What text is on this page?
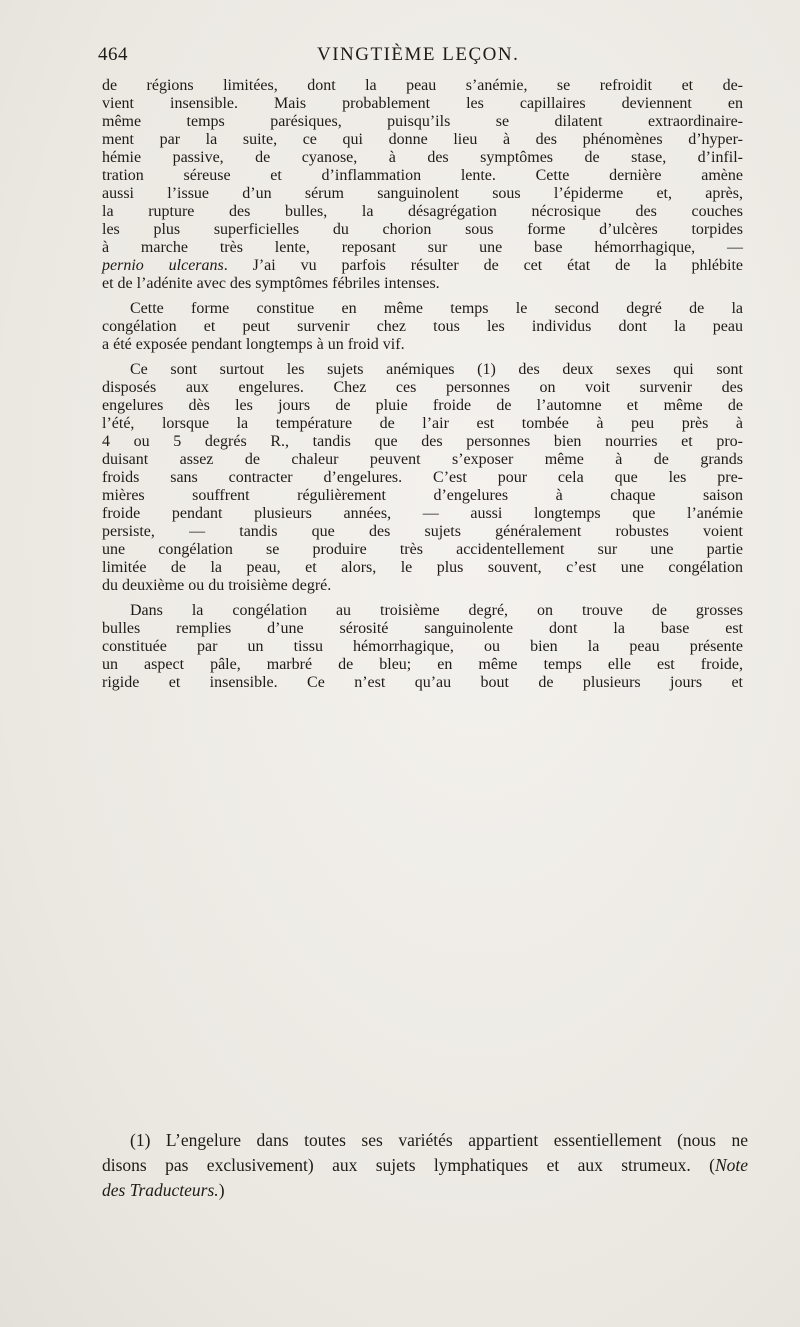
464	VINGTIÈME LEÇON.
de régions limitées, dont la peau s’anémie, se refroidit et de-
vient insensible. Mais probablement les capillaires deviennent en
même temps parésiques, puisqu’ils se dilatent extraordinaire-
ment par la suite, ce qui donne lieu à des phénomènes d’hyper-
hémie passive, de cyanose, à des symptômes de stase, d’infil-
tration séreuse et d’inflammation lente. Cette dernière amène
aussi l’issue d’un sérum sanguinolent sous l’épiderme et, après,
la rupture des bulles, la désagrégation nécrosique des couches
les plus superficielles du chorion sous forme d’ulcères torpides
à marche très lente, reposant sur une base hémorrhagique, —
pernio ulcerans. J’ai vu parfois résulter de cet état de la phlébite
et de l’adénite avec des symptômes fébriles intenses.
Cette forme constitue en même temps le second degré de la
congélation et peut survenir chez tous les individus dont la peau
a été exposée pendant longtemps à un froid vif.
Ce sont surtout les sujets anémiques (1) des deux sexes qui sont
disposés aux engelures. Chez ces personnes on voit survenir des
engelures dès les jours de pluie froide de l’automne et même de
l’été, lorsque la température de l’air est tombée à peu près à
4 ou 5 degrés R., tandis que des personnes bien nourries et pro-
duisant assez de chaleur peuvent s’exposer même à de grands
froids sans contracter d’engelures. C’est pour cela que les pre-
mières souffrent régulièrement d’engelures à chaque saison
froide pendant plusieurs années, — aussi longtemps que l’anémie
persiste, — tandis que des sujets généralement robustes voient
une congélation se produire très accidentellement sur une partie
limitée de la peau, et alors, le plus souvent, c’est une congélation
du deuxième ou du troisième degré.
Dans la congélation au troisième degré, on trouve de grosses
bulles remplies d’une sérosité sanguinolente dont la base est
constituée par un tissu hémorrhagique, ou bien la peau présente
un aspect pâle, marbré de bleu; en même temps elle est froide,
rigide et insensible. Ce n’est qu’au bout de plusieurs jours et
(1) L’engelure dans toutes ses variétés appartient essentiellement (nous ne
disons pas exclusivement) aux sujets lymphatiques et aux strumeux. (Note
des Traducteurs.)
